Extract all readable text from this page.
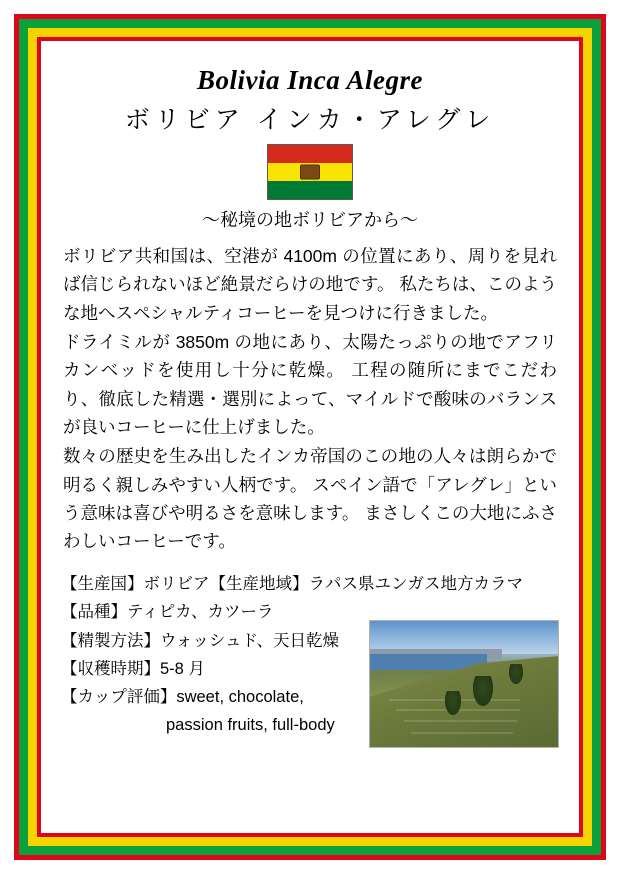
Bolivia Inca Alegre
ボリビア インカ・アレグレ
〜秘境の地ボリビアから〜

ボリビア共和国は、空港が 4100m の位置にあり、周りを見れば信じられないほど絶景だらけの地です。 私たちは、このような地へスペシャルティコーヒーを見つけに行きました。

ドライミルが 3850m の地にあり、太陽たっぷりの地でアフリカンベッドを使用し十分に乾燥。 工程の随所にまでこだわり、徹底した精選・選別によって、マイルドで酸味のバランスが良いコーヒーに仕上げました。

数々の歴史を生み出したインカ帝国のこの地の人々は朗らかで明るく親しみやすい人柄です。 スペイン語で「アレグレ」という意味は喜びや明るさを意味します。 まさしくこの大地にふさわしいコーヒーです。

【生産国】ボリビア【生産地域】ラパス県ユンガス地方カラマ
【品種】ティピカ、カツーラ
【精製方法】ウォッシュド、天日乾燥
【収穫時期】5-8 月
【カップ評価】sweet, chocolate,
passion fruits, full-body
